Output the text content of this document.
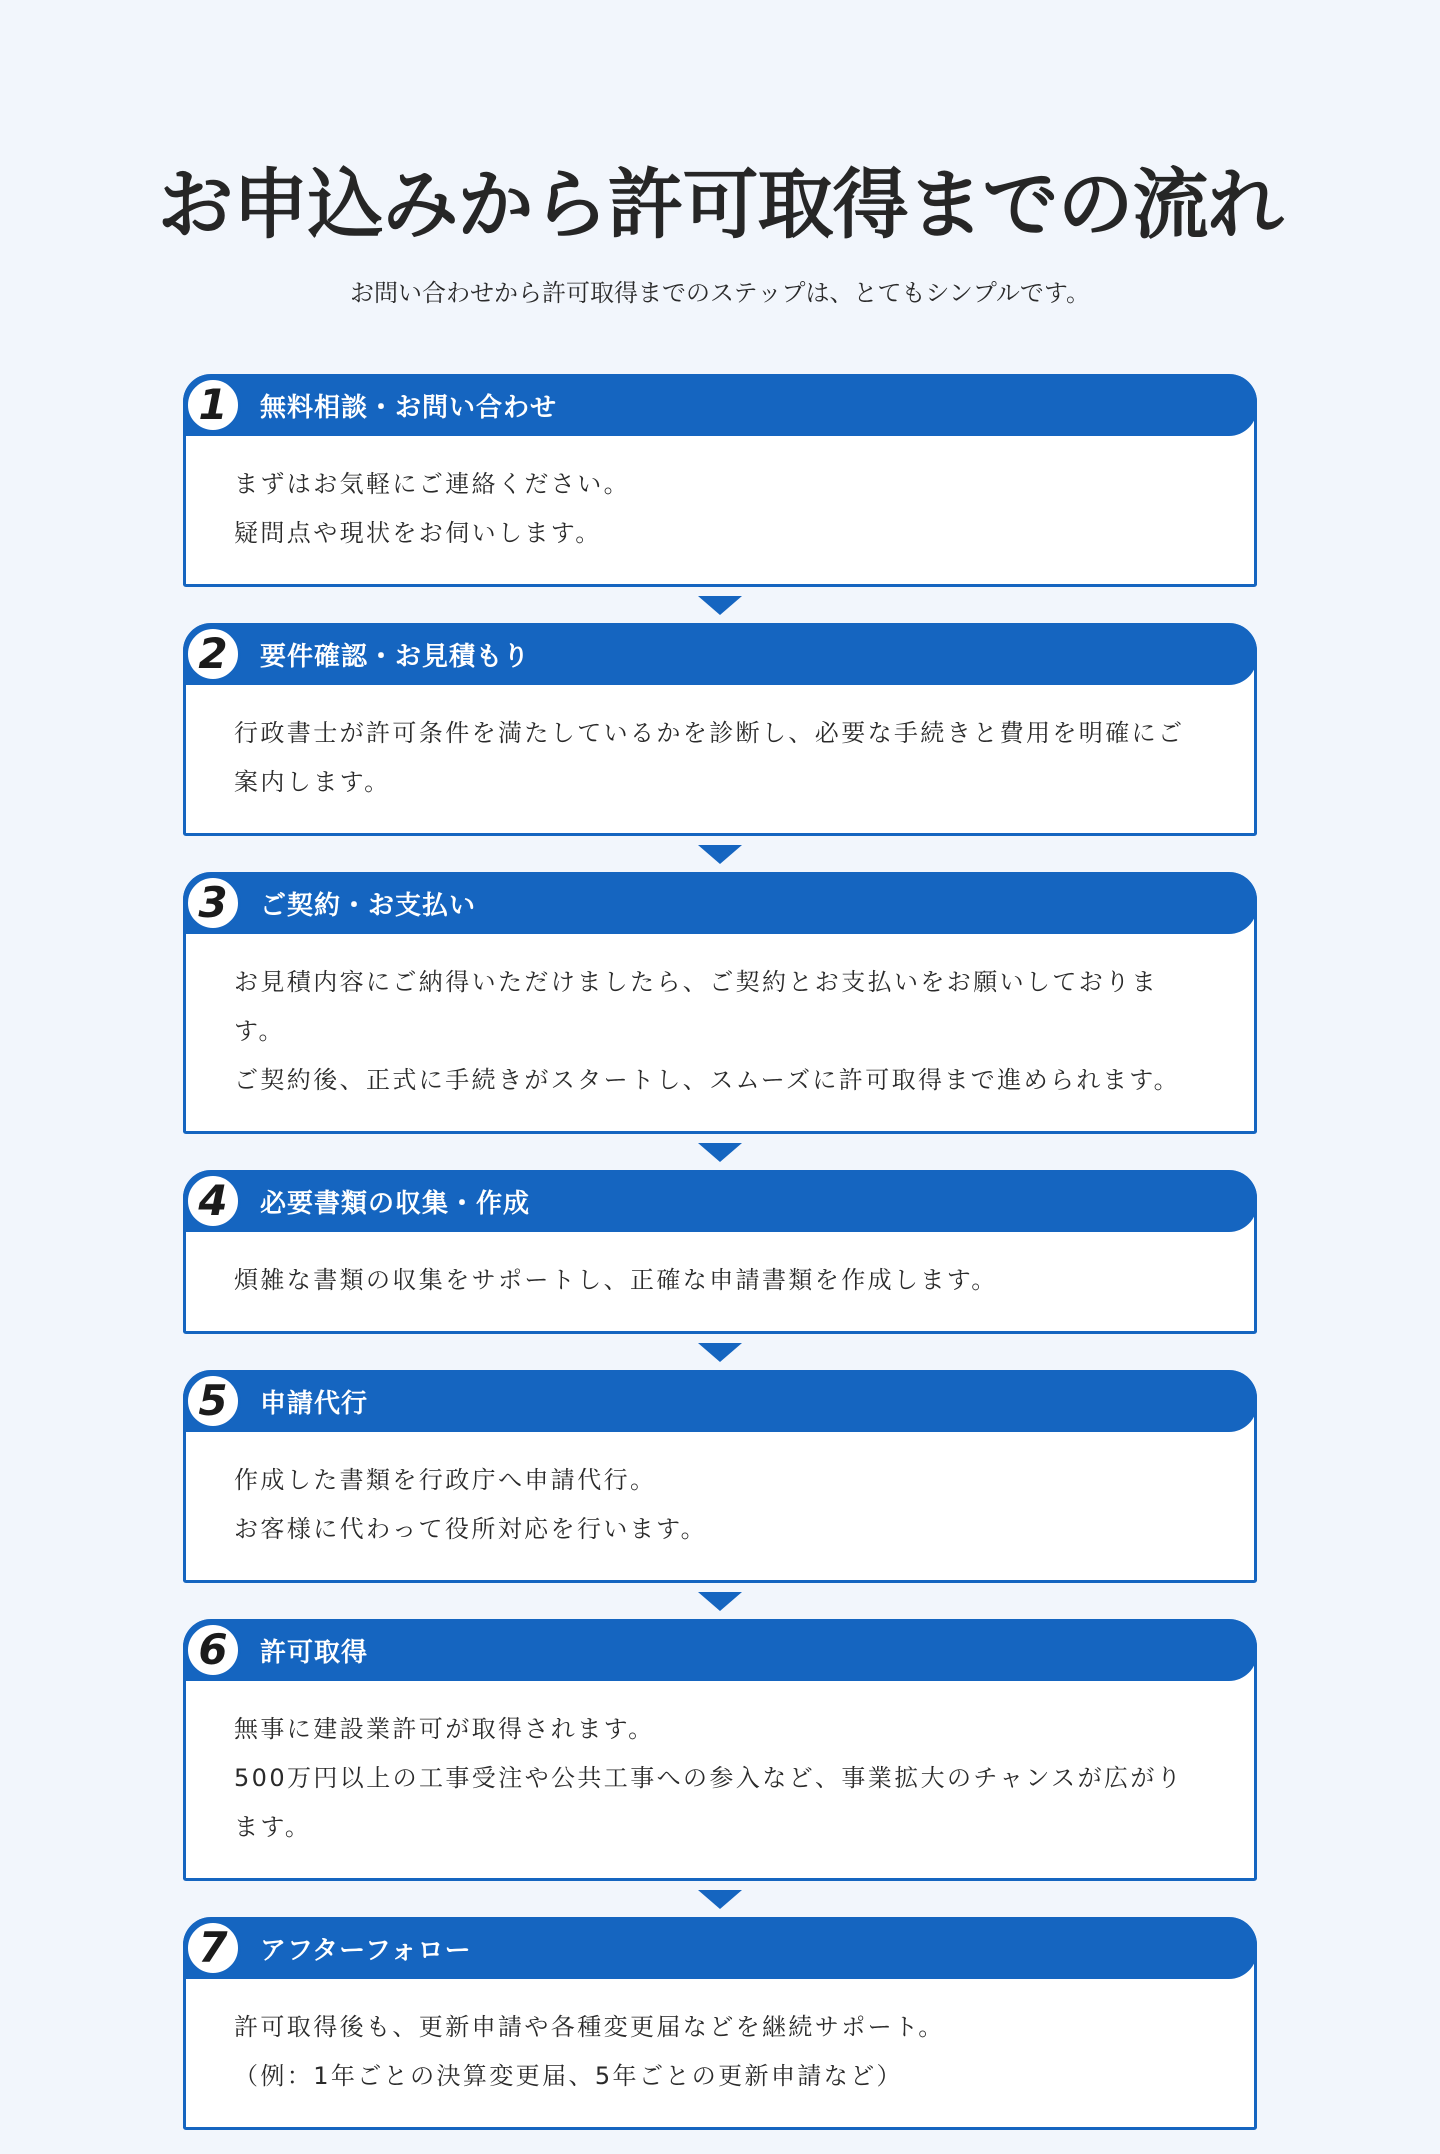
お申込みから許可取得までの流れ

お問い合わせから許可取得までのステップは、とてもシンプルです。

1	無料相談・お問い合わせ

まずはお気軽にご連絡ください。

疑問点や現状をお伺いします。

2	要件確認・お見積もり

行政書士が許可条件を満たしているかを診断し、必要な手続きと費用を明確にご案内します。

3	ご契約・お支払い

お見積内容にご納得いただけましたら、ご契約とお支払いをお願いしております。

ご契約後、正式に手続きがスタートし、スムーズに許可取得まで進められます。

4	必要書類の収集・作成

煩雑な書類の収集をサポートし、正確な申請書類を作成します。

5	申請代行

作成した書類を行政庁へ申請代行。

お客様に代わって役所対応を行います。

6	許可取得

無事に建設業許可が取得されます。

500万円以上の工事受注や公共工事への参入など、事業拡大のチャンスが広がります。

7	アフターフォロー

許可取得後も、更新申請や各種変更届などを継続サポート。

（例：1年ごとの決算変更届、5年ごとの更新申請など）
